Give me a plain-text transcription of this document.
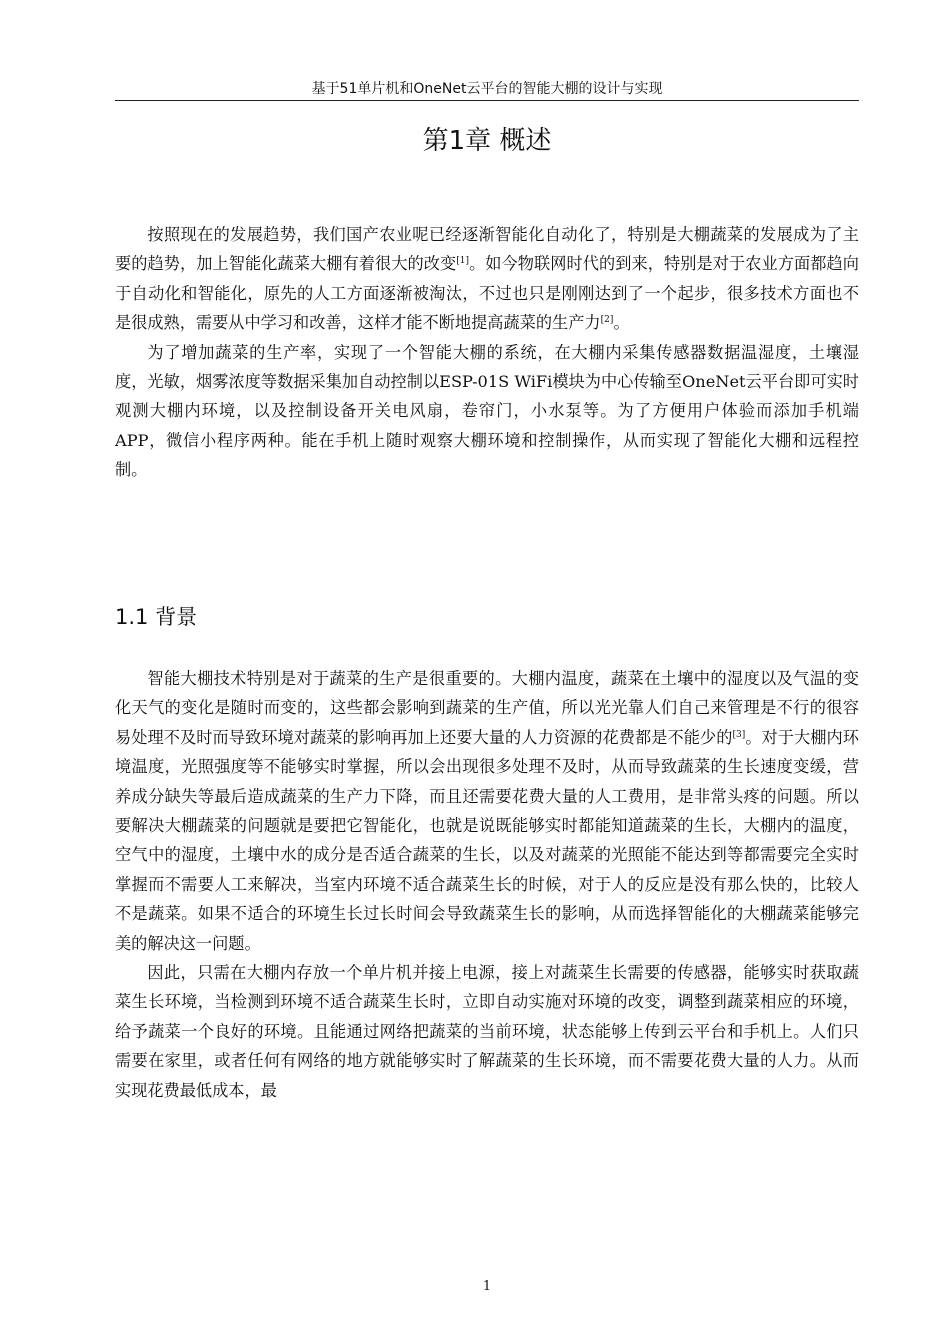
基于51单片机和OneNet云平台的智能大棚的设计与实现
第1章 概述

按照现在的发展趋势，我们国产农业呢已经逐渐智能化自动化了，特别是大棚蔬菜的发展成为了主要的趋势，加上智能化蔬菜大棚有着很大的改变[1]。如今物联网时代的到来，特别是对于农业方面都趋向于自动化和智能化，原先的人工方面逐渐被淘汰，不过也只是刚刚达到了一个起步，很多技术方面也不是很成熟，需要从中学习和改善，这样才能不断地提高蔬菜的生产力[2]。

为了增加蔬菜的生产率，实现了一个智能大棚的系统，在大棚内采集传感器数据温湿度，土壤湿度，光敏，烟雾浓度等数据采集加自动控制以ESP-01S WiFi模块为中心传输至OneNet云平台即可实时观测大棚内环境，以及控制设备开关电风扇，卷帘门，小水泵等。为了方便用户体验而添加手机端APP，微信小程序两种。能在手机上随时观察大棚环境和控制操作，从而实现了智能化大棚和远程控制。

1.1 背景

智能大棚技术特别是对于蔬菜的生产是很重要的。大棚内温度，蔬菜在土壤中的湿度以及气温的变化天气的变化是随时而变的，这些都会影响到蔬菜的生产值，所以光光靠人们自己来管理是不行的很容易处理不及时而导致环境对蔬菜的影响再加上还要大量的人力资源的花费都是不能少的[3]。对于大棚内环境温度，光照强度等不能够实时掌握，所以会出现很多处理不及时，从而导致蔬菜的生长速度变缓，营养成分缺失等最后造成蔬菜的生产力下降，而且还需要花费大量的人工费用，是非常头疼的问题。所以要解决大棚蔬菜的问题就是要把它智能化，也就是说既能够实时都能知道蔬菜的生长，大棚内的温度，空气中的湿度，土壤中水的成分是否适合蔬菜的生长，以及对蔬菜的光照能不能达到等都需要完全实时掌握而不需要人工来解决，当室内环境不适合蔬菜生长的时候，对于人的反应是没有那么快的，比较人不是蔬菜。如果不适合的环境生长过长时间会导致蔬菜生长的影响，从而选择智能化的大棚蔬菜能够完美的解决这一问题。

因此，只需在大棚内存放一个单片机并接上电源，接上对蔬菜生长需要的传感器，能够实时获取蔬菜生长环境，当检测到环境不适合蔬菜生长时，立即自动实施对环境的改变，调整到蔬菜相应的环境，给予蔬菜一个良好的环境。且能通过网络把蔬菜的当前环境，状态能够上传到云平台和手机上。人们只需要在家里，或者任何有网络的地方就能够实时了解蔬菜的生长环境，而不需要花费大量的人力。从而实现花费最低成本，最

1
